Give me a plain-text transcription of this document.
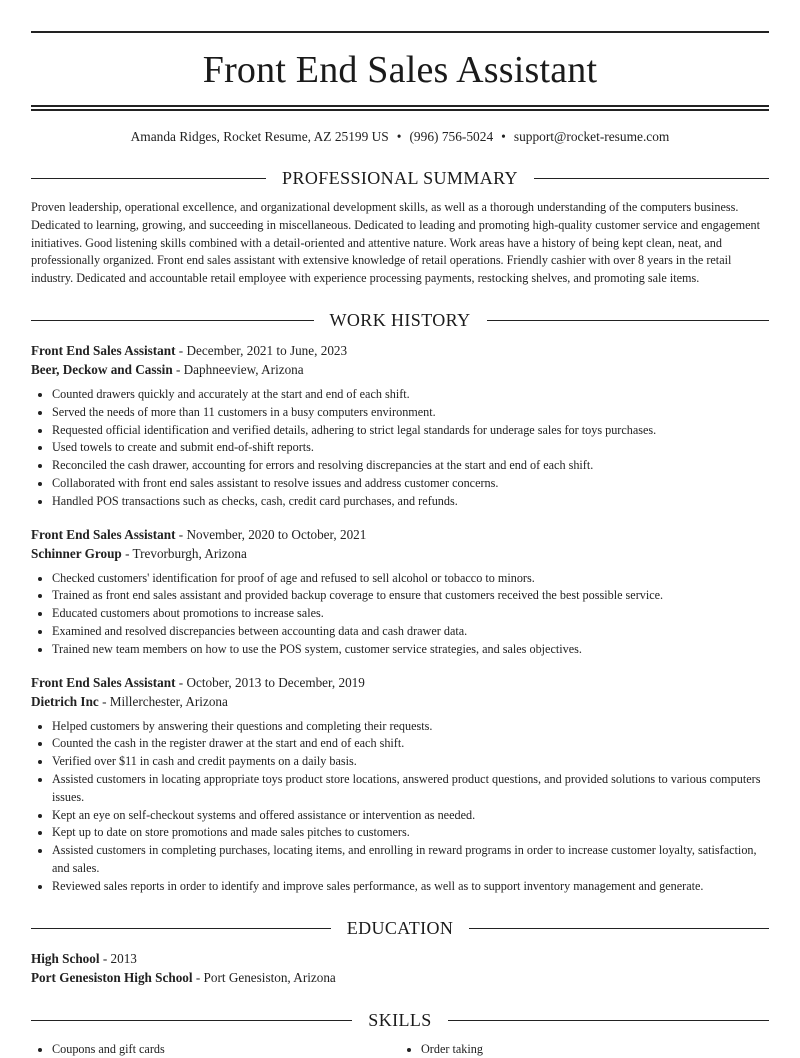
Front End Sales Assistant
Amanda Ridges, Rocket Resume, AZ 25199 US • (996) 756-5024 • support@rocket-resume.com
PROFESSIONAL SUMMARY
Proven leadership, operational excellence, and organizational development skills, as well as a thorough understanding of the computers business. Dedicated to learning, growing, and succeeding in miscellaneous. Dedicated to leading and promoting high-quality customer service and engagement initiatives. Good listening skills combined with a detail-oriented and attentive nature. Work areas have a history of being kept clean, neat, and professionally organized. Front end sales assistant with extensive knowledge of retail operations. Friendly cashier with over 8 years in the retail industry. Dedicated and accountable retail employee with experience processing payments, restocking shelves, and promoting sale items.
WORK HISTORY
Front End Sales Assistant - December, 2021 to June, 2023
Beer, Deckow and Cassin - Daphneeview, Arizona
• Counted drawers quickly and accurately at the start and end of each shift.
• Served the needs of more than 11 customers in a busy computers environment.
• Requested official identification and verified details, adhering to strict legal standards for underage sales for toys purchases.
• Used towels to create and submit end-of-shift reports.
• Reconciled the cash drawer, accounting for errors and resolving discrepancies at the start and end of each shift.
• Collaborated with front end sales assistant to resolve issues and address customer concerns.
• Handled POS transactions such as checks, cash, credit card purchases, and refunds.
Front End Sales Assistant - November, 2020 to October, 2021
Schinner Group - Trevorburgh, Arizona
• Checked customers' identification for proof of age and refused to sell alcohol or tobacco to minors.
• Trained as front end sales assistant and provided backup coverage to ensure that customers received the best possible service.
• Educated customers about promotions to increase sales.
• Examined and resolved discrepancies between accounting data and cash drawer data.
• Trained new team members on how to use the POS system, customer service strategies, and sales objectives.
Front End Sales Assistant - October, 2013 to December, 2019
Dietrich Inc - Millerchester, Arizona
• Helped customers by answering their questions and completing their requests.
• Counted the cash in the register drawer at the start and end of each shift.
• Verified over $11 in cash and credit payments on a daily basis.
• Assisted customers in locating appropriate toys product store locations, answered product questions, and provided solutions to various computers issues.
• Kept an eye on self-checkout systems and offered assistance or intervention as needed.
• Kept up to date on store promotions and made sales pitches to customers.
• Assisted customers in completing purchases, locating items, and enrolling in reward programs in order to increase customer loyalty, satisfaction, and sales.
• Reviewed sales reports in order to identify and improve sales performance, as well as to support inventory management and generate.
EDUCATION
High School - 2013
Port Genesiston High School - Port Genesiston, Arizona
SKILLS
• Coupons and gift cards
•	Order taking
